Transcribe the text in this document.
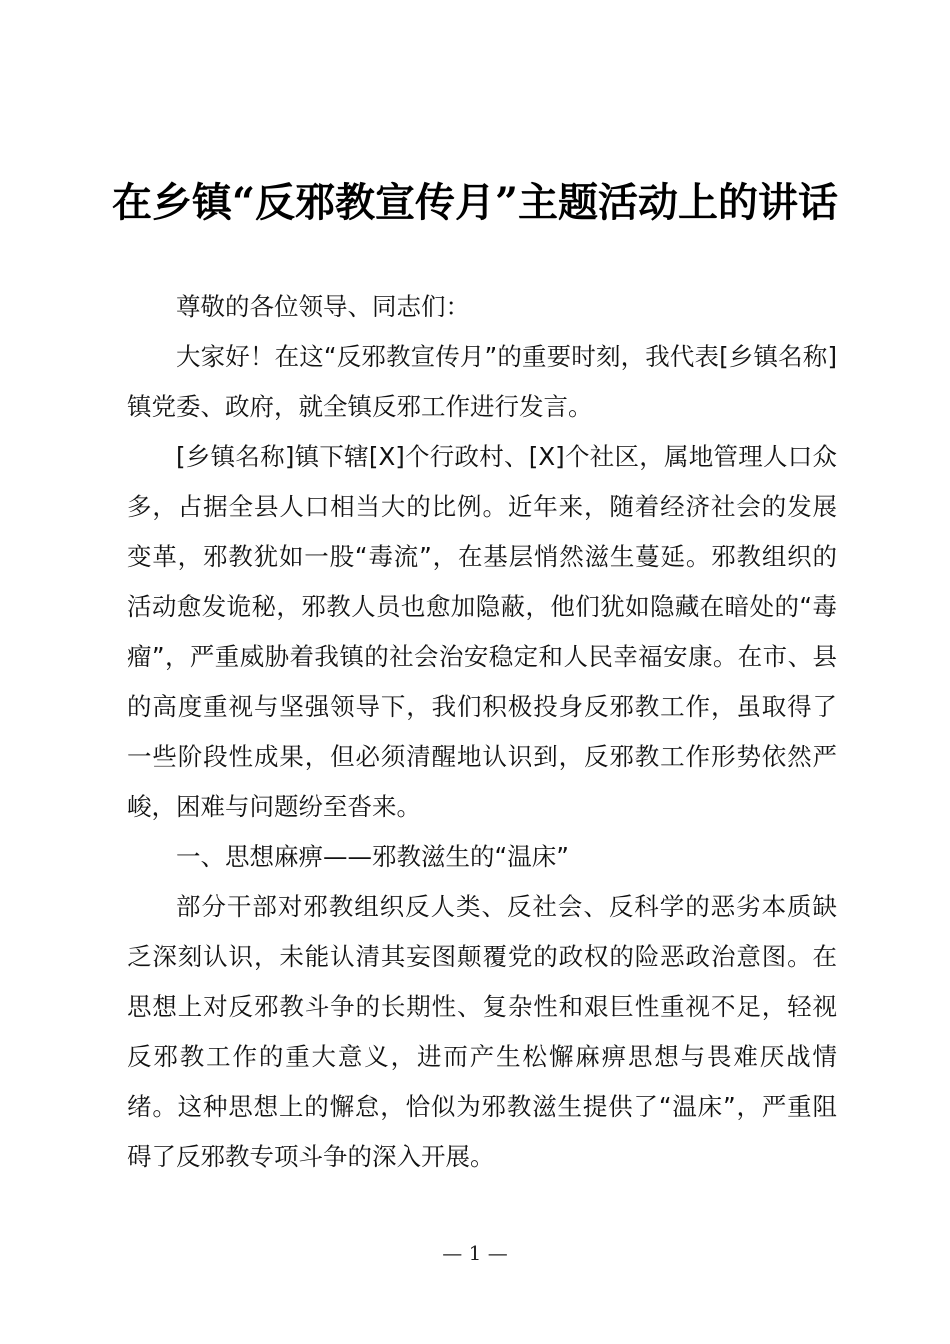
在乡镇“反邪教宣传月”主题活动上的讲话

尊敬的各位领导、同志们：

大家好！在这“反邪教宣传月”的重要时刻，我代表[乡镇名称]镇党委、政府，就全镇反邪工作进行发言。

[乡镇名称]镇下辖[X]个行政村、[X]个社区，属地管理人口众多，占据全县人口相当大的比例。近年来，随着经济社会的发展变革，邪教犹如一股“毒流”，在基层悄然滋生蔓延。邪教组织的活动愈发诡秘，邪教人员也愈加隐蔽，他们犹如隐藏在暗处的“毒瘤”，严重威胁着我镇的社会治安稳定和人民幸福安康。在市、县的高度重视与坚强领导下，我们积极投身反邪教工作，虽取得了一些阶段性成果，但必须清醒地认识到，反邪教工作形势依然严峻，困难与问题纷至沓来。

一、思想麻痹——邪教滋生的“温床”

部分干部对邪教组织反人类、反社会、反科学的恶劣本质缺乏深刻认识，未能认清其妄图颠覆党的政权的险恶政治意图。在思想上对反邪教斗争的长期性、复杂性和艰巨性重视不足，轻视反邪教工作的重大意义，进而产生松懈麻痹思想与畏难厌战情绪。这种思想上的懈怠，恰似为邪教滋生提供了“温床”，严重阻碍了反邪教专项斗争的深入开展。

— 1 —
